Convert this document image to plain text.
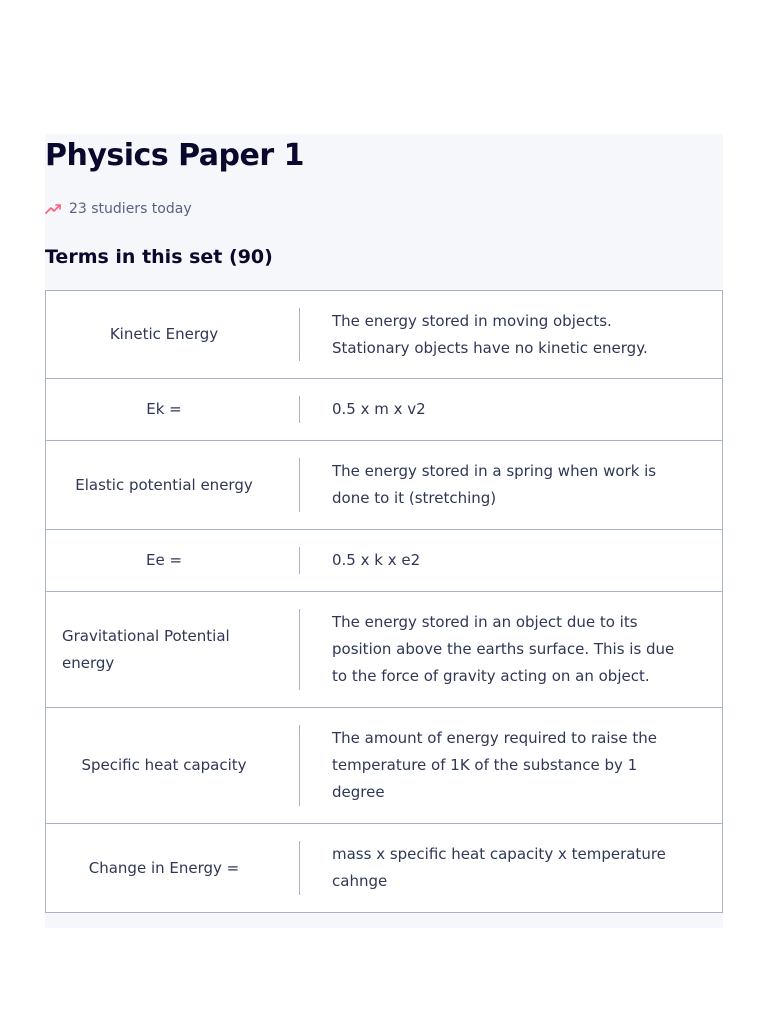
Physics Paper 1
23 studiers today
Terms in this set (90)
Kinetic Energy
The energy stored in moving objects. Stationary objects have no kinetic energy.
Ek =	0.5 x m x v2
Elastic potential energy
The energy stored in a spring when work is done to it (stretching)
Ee =	0.5 x k x e2
Gravitational Potential energy
The energy stored in an object due to its position above the earths surface. This is due to the force of gravity acting on an object.
Specific heat capacity
The amount of energy required to raise the temperature of 1K of the substance by 1 degree
Change in Energy =
mass x specific heat capacity x temperature cahnge
